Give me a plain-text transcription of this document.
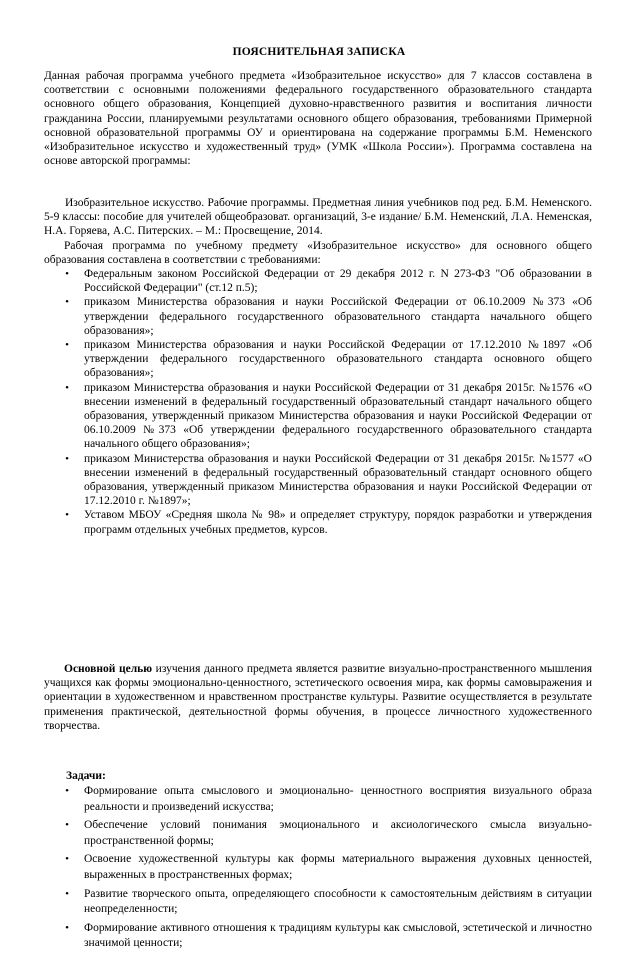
ПОЯСНИТЕЛЬНАЯ ЗАПИСКА

Данная рабочая программа учебного предмета «Изобразительное искусство» для 7 классов составлена в соответствии с основными положениями федерального государственного образовательного стандарта основного общего образования, Концепцией духовно-нравственного развития и воспитания личности гражданина России, планируемыми результатами основного общего образования, требованиями Примерной основной образовательной программы ОУ и ориентирована на содержание программы Б.М. Неменского «Изобразительное искусство и художественный труд» (УМК «Школа России»). Программа составлена на основе авторской программы:

Изобразительное искусство. Рабочие программы. Предметная линия учебников под ред. Б.М. Неменского. 5-9 классы: пособие для учителей общеобразоват. организаций, 3-е издание/ Б.М. Неменский, Л.А. Неменская, Н.А. Горяева, А.С. Питерских. – М.: Просвещение, 2014.

Рабочая программа по учебному предмету «Изобразительное искусство» для основного общего образования составлена в соответствии с требованиями:

• Федеральным законом Российской Федерации от 29 декабря 2012 г. N 273-ФЗ "Об образовании в Российской Федерации" (ст.12 п.5);
• приказом Министерства образования и науки Российской Федерации от 06.10.2009 №373 «Об утверждении федерального государственного образовательного стандарта начального общего образования»;
• приказом Министерства образования и науки Российской Федерации от 17.12.2010 №1897 «Об утверждении федерального государственного образовательного стандарта основного общего образования»;
• приказом Министерства образования и науки Российской Федерации от 31 декабря 2015г. №1576 «О внесении изменений в федеральный государственный образовательный стандарт начального общего образования, утвержденный приказом Министерства образования и науки Российской Федерации от 06.10.2009 №373 «Об утверждении федерального государственного образовательного стандарта начального общего образования»;
• приказом Министерства образования и науки Российской Федерации от 31 декабря 2015г. №1577 «О внесении изменений в федеральный государственный образовательный стандарт основного общего образования, утвержденный приказом Министерства образования и науки Российской Федерации от 17.12.2010 г. №1897»;
• Уставом МБОУ «Средняя школа № 98» и определяет структуру, порядок разработки и утверждения программ отдельных учебных предметов, курсов.

Основной целью изучения данного предмета является развитие визуально-пространственного мышления учащихся как формы эмоционально-ценностного, эстетического освоения мира, как формы самовыражения и ориентации в художественном и нравственном пространстве культуры. Развитие осуществляется в результате применения практической, деятельностной формы обучения, в процессе личностного художественного творчества.

Задачи:
• Формирование опыта смыслового и эмоционально- ценностного восприятия визуального образа реальности и произведений искусства;
• Обеспечение условий понимания эмоционального и аксиологического смысла визуально-пространственной формы;
• Освоение художественной культуры как формы материального выражения духовных ценностей, выраженных в пространственных формах;
• Развитие творческого опыта, определяющего способности к самостоятельным действиям в ситуации неопределенности;
• Формирование активного отношения к традициям культуры как смысловой, эстетической и личностно значимой ценности;
